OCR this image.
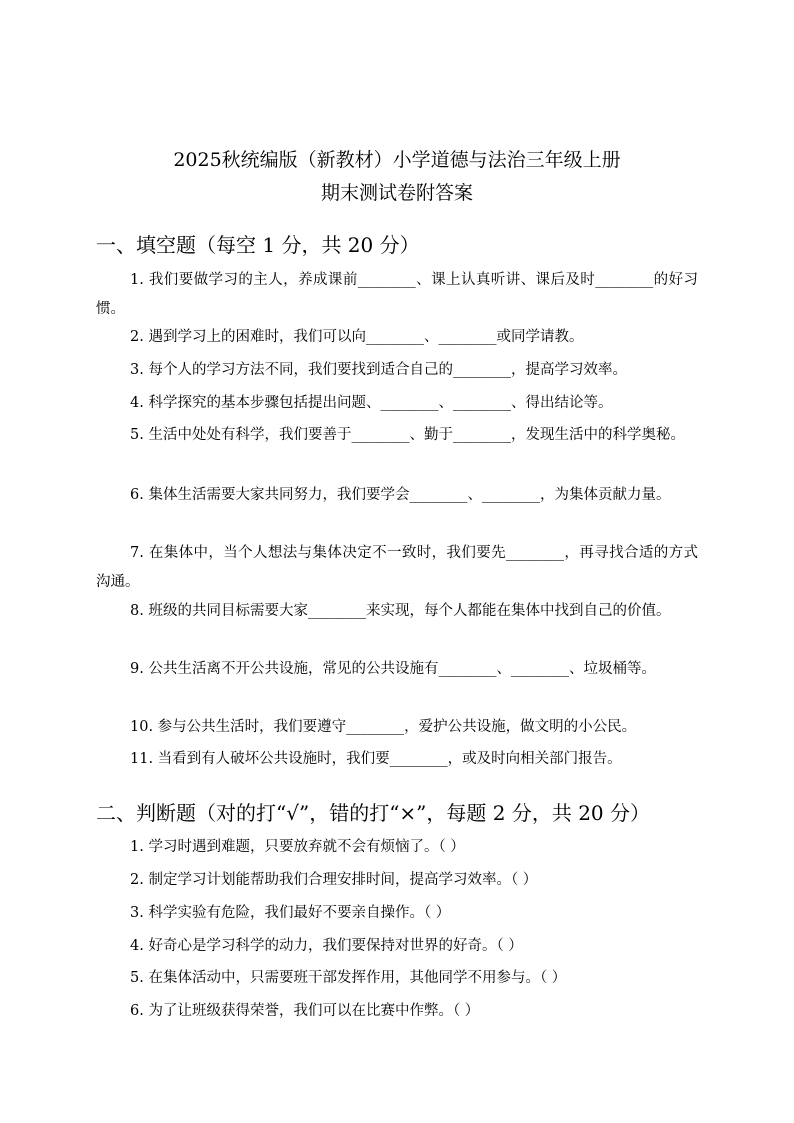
2025秋统编版（新教材）小学道德与法治三年级上册
期末测试卷附答案
一、填空题（每空 1 分，共 20 分）
1. 我们要做学习的主人，养成课前________、课上认真听讲、课后及时________的好习惯。
2. 遇到学习上的困难时，我们可以向________、________或同学请教。
3. 每个人的学习方法不同，我们要找到适合自己的________，提高学习效率。
4. 科学探究的基本步骤包括提出问题、________、________、得出结论等。
5. 生活中处处有科学，我们要善于________、勤于________，发现生活中的科学奥秘。
6. 集体生活需要大家共同努力，我们要学会________、________，为集体贡献力量。
7. 在集体中，当个人想法与集体决定不一致时，我们要先________，再寻找合适的方式沟通。
8. 班级的共同目标需要大家________来实现，每个人都能在集体中找到自己的价值。
9. 公共生活离不开公共设施，常见的公共设施有________、________、垃圾桶等。
10. 参与公共生活时，我们要遵守________，爱护公共设施，做文明的小公民。
11. 当看到有人破坏公共设施时，我们要________，或及时向相关部门报告。
二、判断题（对的打“√”，错的打“×”，每题 2 分，共 20 分）
1. 学习时遇到难题，只要放弃就不会有烦恼了。（ ）
2. 制定学习计划能帮助我们合理安排时间，提高学习效率。（ ）
3. 科学实验有危险，我们最好不要亲自操作。（ ）
4. 好奇心是学习科学的动力，我们要保持对世界的好奇。（ ）
5. 在集体活动中，只需要班干部发挥作用，其他同学不用参与。（ ）
6. 为了让班级获得荣誉，我们可以在比赛中作弊。（ ）
